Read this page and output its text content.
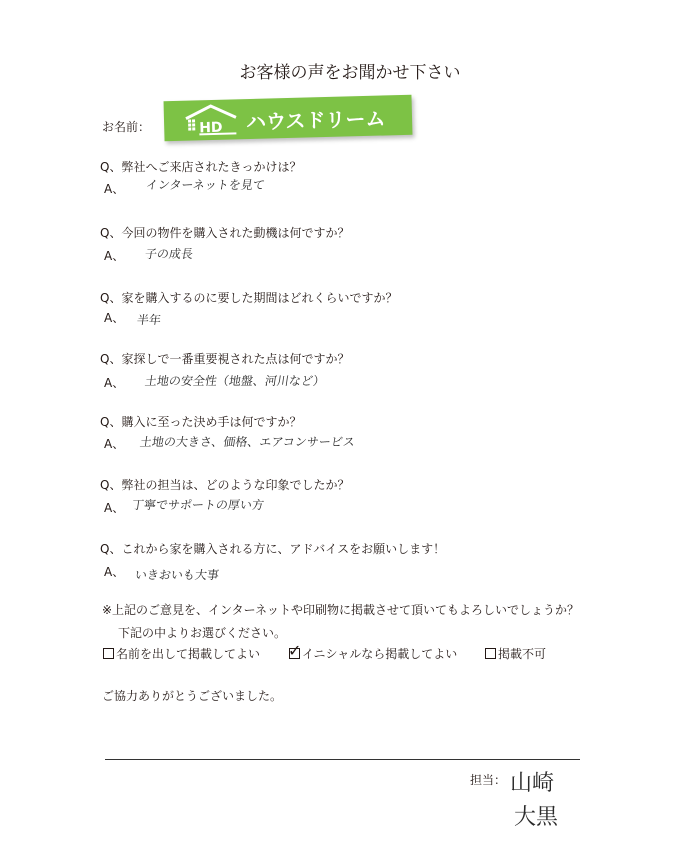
お客様の声をお聞かせ下さい
お名前：	HD ハウスドリーム
Q、弊社へご来店されたきっかけは？
A、 インターネットを見て
Q、今回の物件を購入された動機は何ですか？
A、 子の成長
Q、家を購入するのに要した期間はどれくらいですか？
A、 半年
Q、家探しで一番重要視された点は何ですか？
A、 土地の安全性（地盤、河川など）
Q、購入に至った決め手は何ですか？
A、 土地の大きさ、価格、エアコンサービス
Q、弊社の担当は、どのような印象でしたか？
A、 丁寧でサポートの厚い方
Q、これから家を購入される方に、アドバイスをお願いします！
A、 いきおいも大事
※上記のご意見を、インターネットや印刷物に掲載させて頂いてもよろしいでしょうか？
下記の中よりお選びください。
名前を出して掲載してよい ✓ イニシャルなら掲載してよい	掲載不可
ご協力ありがとうございました。
担当： 山崎
大黒
